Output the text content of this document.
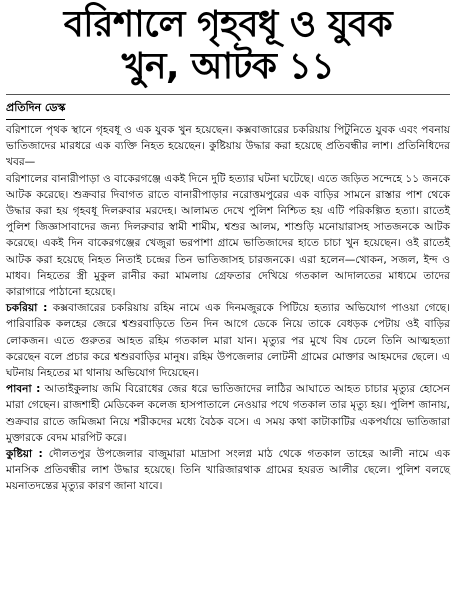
বরিশালে গৃহবধূ ও যুবক
খুন, আটক ১১
প্রতিদিন ডেস্ক

বরিশালে পৃথক স্থানে গৃহবধূ ও এক যুবক খুন হয়েছেন। কক্সবাজারের চকরিয়ায় পিটুনিতে যুবক এবং পবনায় ভাতিজাদের মারধরে এক ব্যক্তি নিহত হয়েছেন। কুষ্টিয়ায় উদ্ধার করা হয়েছে প্রতিবন্ধীর লাশ। প্রতিনিধিদের খবর—

বরিশালের বানারীপাড়া ও বাকেরগঞ্জে একই দিনে দুটি হত্যার ঘটনা ঘটেছে। এতে জড়িত সন্দেহে ১১ জনকে আটক করেছে। শুক্রবার দিবাগত রাতে বানারীপাড়ার নরোত্তমপুরের এক বাড়ির সামনে রাস্তার পাশ থেকে উদ্ধার করা হয় গৃহবধূ দিলরুবার মরদেহ। আলামত দেখে পুলিশ নিশ্চিত হয় এটি পরিকল্পিত হত্যা। রাতেই পুলিশ জিজ্ঞাসাবাদের জন্য দিলরুবার স্বামী শামীম, শ্বশুর আলম, শাশুড়ি মনোয়ারাসহ সাতজনকে আটক করেছে। একই দিন বাকেরগঞ্জের খেজুরা ভরপাশা গ্রামে ভাতিজাদের হাতে চাচা খুন হয়েছেন। ওই রাতেই আটক করা হয়েছে নিহত নিতাই চন্দ্রের তিন ভাতিজাসহ চারজনকে। এরা হলেন—খোকন, সজল, ইন্দ ও মাধব। নিহতের স্ত্রী মুকুল রানীর করা মামলায় গ্রেফতার দেখিয়ে গতকাল আদালতের মাধ্যমে তাদের কারাগারে পাঠানো হয়েছে।

চকরিয়া : কক্সবাজারের চকরিয়ায় রহিম নামে এক দিনমজুরকে পিটিয়ে হত্যার অভিযোগ পাওয়া গেছে। পারিবারিক কলহের জেরে শ্বশুরবাড়িতে তিন দিন আগে ডেকে নিয়ে তাকে বেধড়ক পেটায় ওই বাড়ির লোকজন। এতে গুরুতর আহত রহিম গতকাল মারা যান। মৃত্যুর পর মুখে বিষ ঢেলে তিনি আত্মহত্যা করেছেন বলে প্রচার করে শ্বশুরবাড়ির মানুষ। রহিম উপজেলার লোটনী গ্রামের মোক্তার আহমদের ছেলে। এ ঘটনায় নিহতের মা থানায় অভিযোগ দিয়েছেন।

পাবনা : আতাইকুলায় জমি বিরোধের জের ধরে ভাতিজাদের লাঠির আঘাতে আহত চাচার মৃত্যুর হোসেন মারা গেছেন। রাজশাহী মেডিকেল কলেজ হাসপাতালে নেওয়ার পথে গতকাল তার মৃত্যু হয়। পুলিশ জানায়, শুক্রবার রাতে জমিজমা নিয়ে শরীকদের মধ্যে বৈঠক বসে। এ সময় কথা কাটাকাটির একপর্যায়ে ভাতিজারা মুক্তারকে বেদম মারপিট করে।

কুষ্টিয়া : দৌলতপুর উপজেলার বাজুমারা মাদ্রাসা সংলগ্ন মাঠ থেকে গতকাল তাহের আলী নামে এক মানসিক প্রতিবন্ধীর লাশ উদ্ধার হয়েছে। তিনি খারিজারথাক গ্রামের হযরত আলীর ছেলে। পুলিশ বলছে ময়নাতদন্তের মৃত্যুর কারণ জানা যাবে।
